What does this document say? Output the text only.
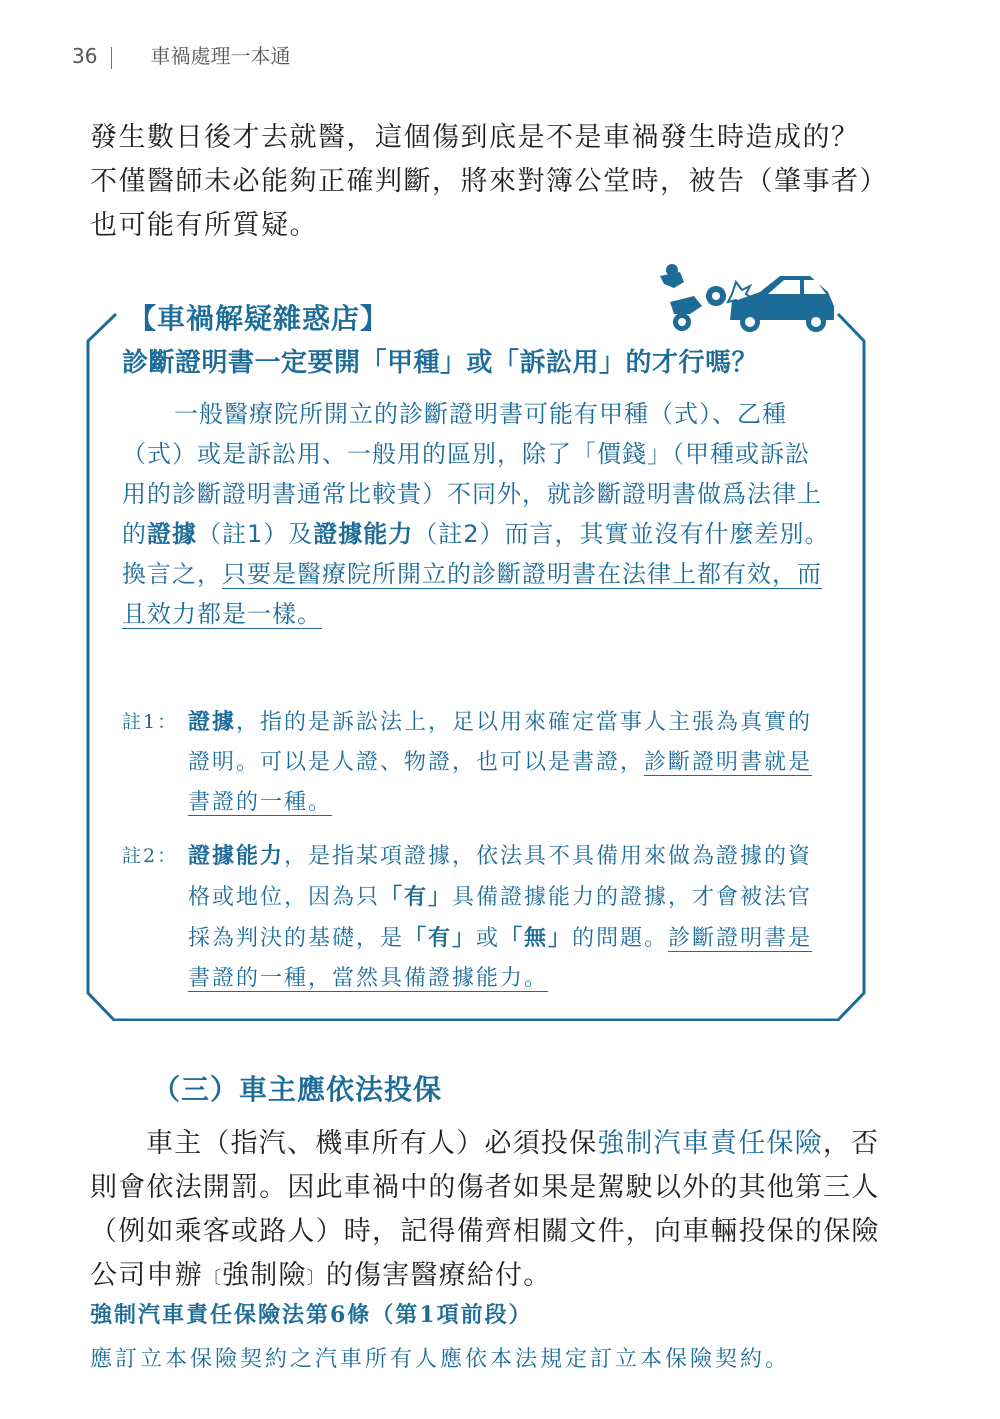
36	車禍處理一本通

發生數日後才去就醫，這個傷到底是不是車禍發生時造成的？不僅醫師未必能夠正確判斷，將來對簿公堂時，被告（肇事者）也可能有所質疑。

【車禍解疑雜惑店】
診斷證明書一定要開「甲種」或「訴訟用」的才行嗎？

一般醫療院所開立的診斷證明書可能有甲種（式）、乙種（式）或是訴訟用、一般用的區別，除了「價錢」（甲種或訴訟用的診斷證明書通常比較貴）不同外，就診斷證明書做爲法律上的證據（註1）及證據能力（註2）而言，其實並沒有什麼差別。換言之，只要是醫療院所開立的診斷證明書在法律上都有效，而且效力都是一樣。

註1： 證據，指的是訴訟法上，足以用來確定當事人主張為真實的證明。可以是人證、物證，也可以是書證，診斷證明書就是書證的一種。
註2： 證據能力，是指某項證據，依法具不具備用來做為證據的資格或地位，因為只「有」具備證據能力的證據，才會被法官採為判決的基礎，是「有」或「無」的問題。診斷證明書是書證的一種，當然具備證據能力。
（三）車主應依法投保

車主（指汽、機車所有人）必須投保強制汽車責任保險，否則會依法開罰。因此車禍中的傷者如果是駕駛以外的其他第三人（例如乘客或路人）時，記得備齊相關文件，向車輛投保的保險公司申辦〔強制險〕的傷害醫療給付。

強制汽車責任保險法第6條（第1項前段）
應訂立本保險契約之汽車所有人應依本法規定訂立本保險契約。
